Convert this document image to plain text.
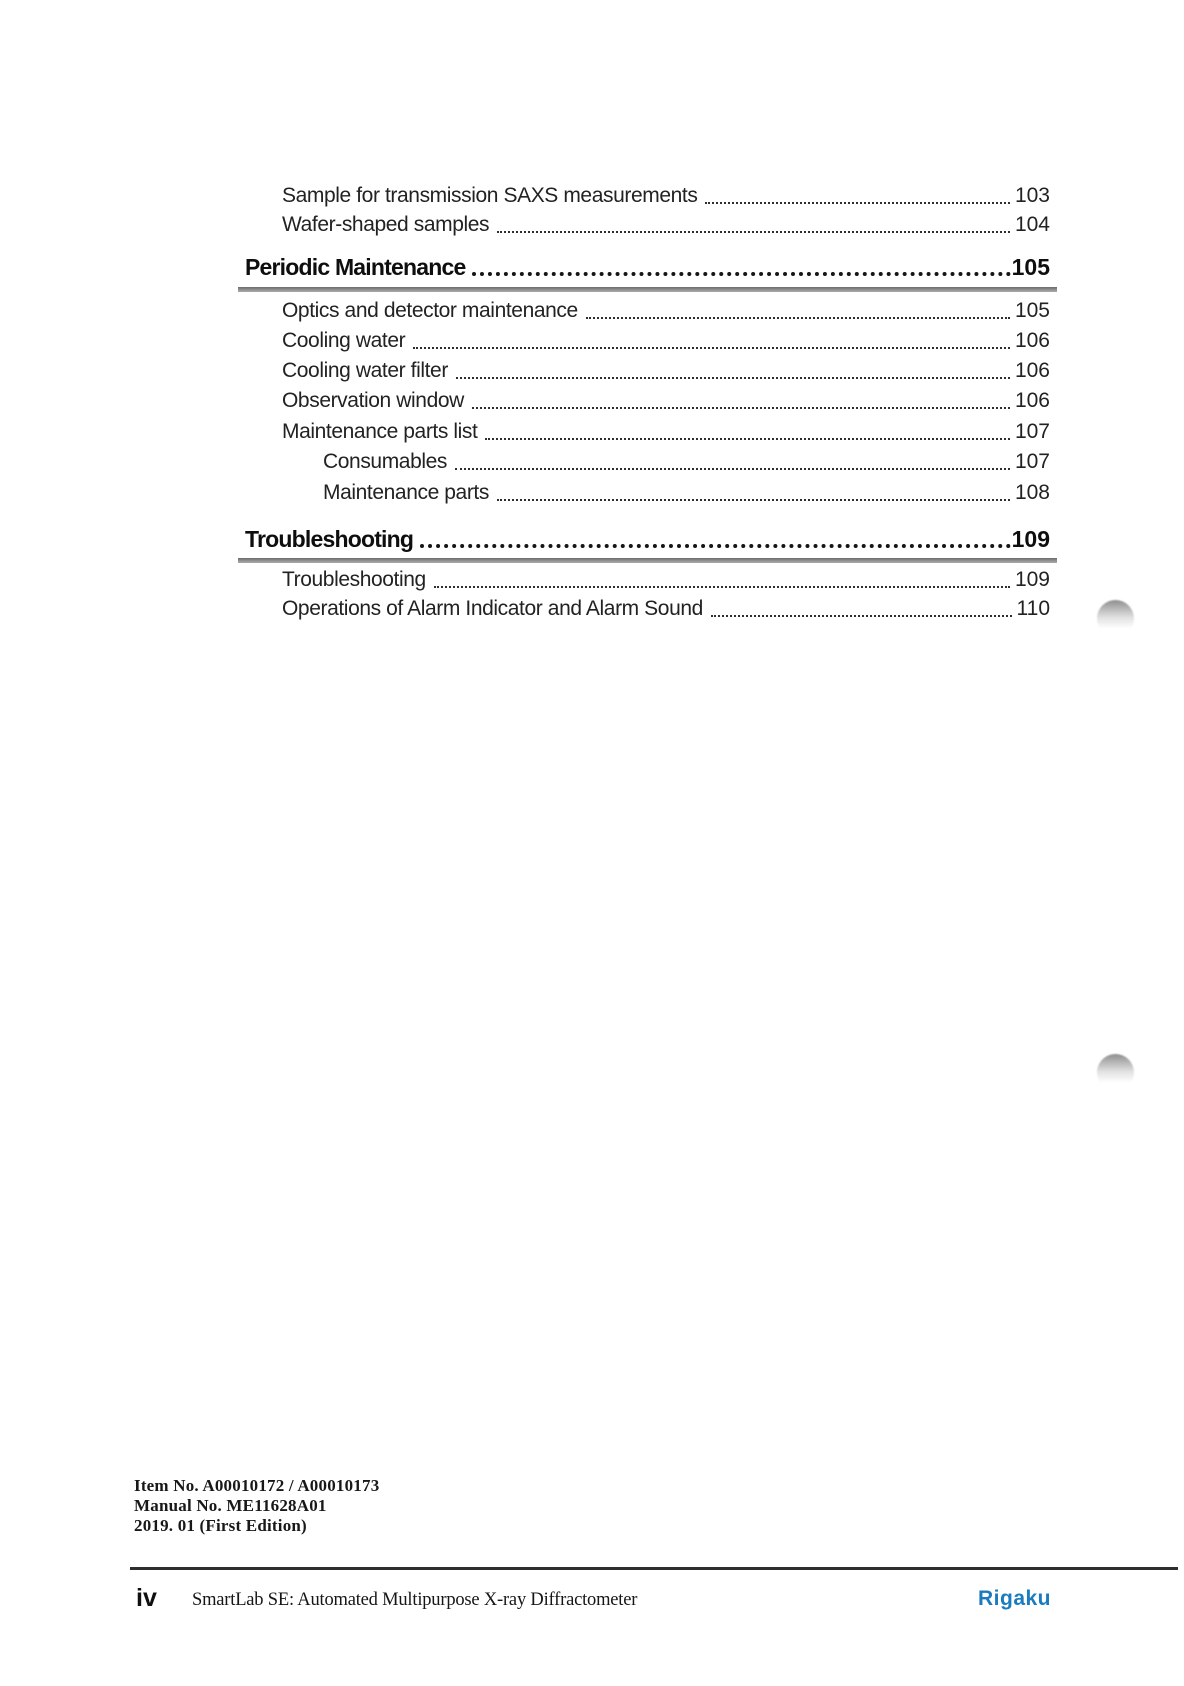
Sample for transmission SAXS measurements	103
Wafer-shaped samples	104
Periodic Maintenance	105
Optics and detector maintenance	105
Cooling water	106
Cooling water filter	106
Observation window	106
Maintenance parts list	107
Consumables	107
Maintenance parts	108
Troubleshooting	109
Troubleshooting	109
Operations of Alarm Indicator and Alarm Sound	110
Item No. A00010172 / A00010173
Manual No. ME11628A01
2019. 01 (First Edition)
iv SmartLab SE: Automated Multipurpose X-ray Diffractometer	Rigaku
